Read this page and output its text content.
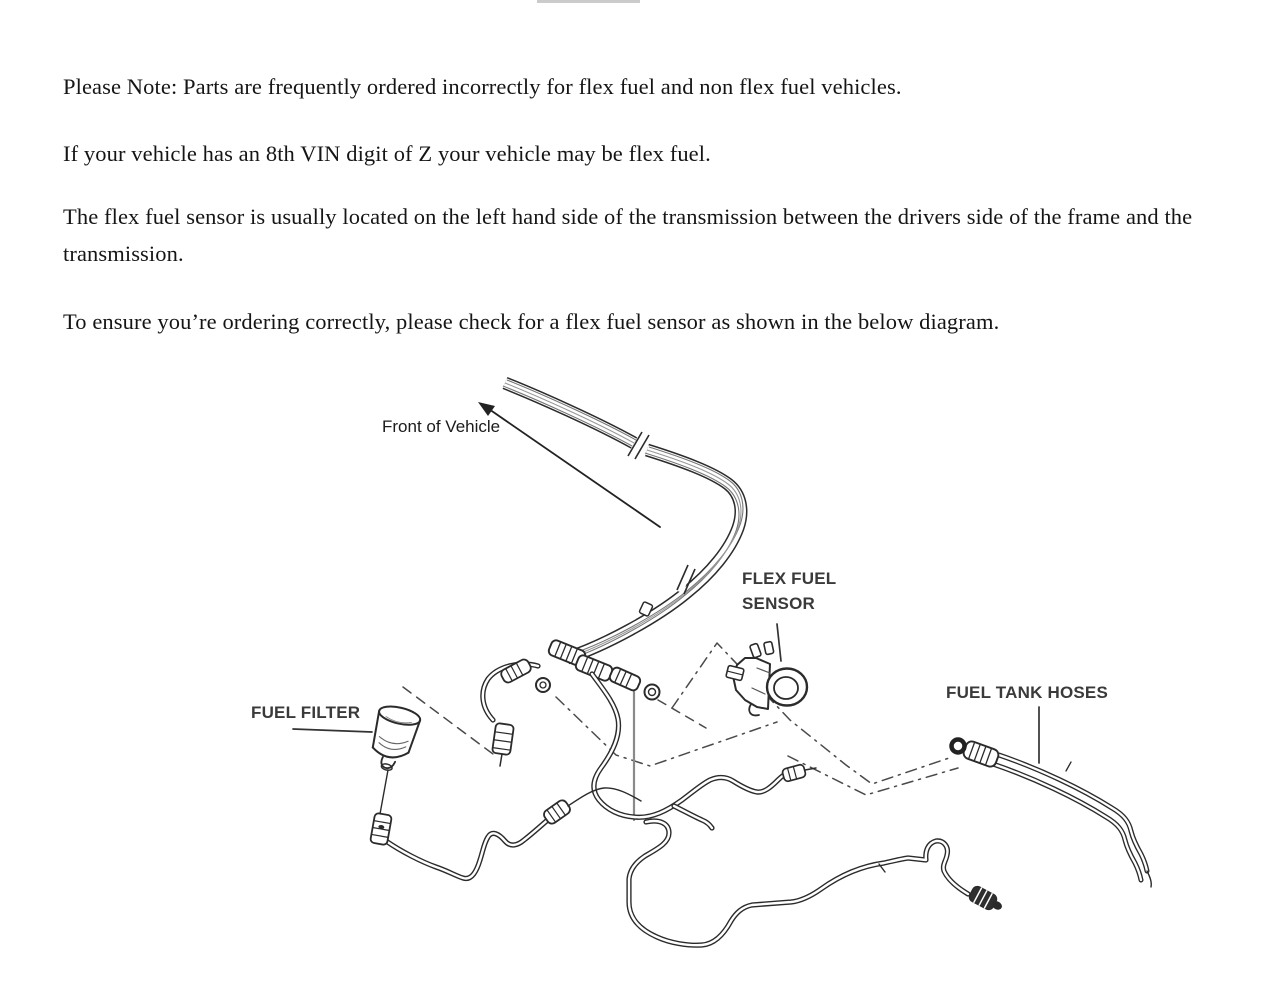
Please Note: Parts are frequently ordered incorrectly for flex fuel and non flex fuel vehicles.
If your vehicle has an 8th VIN digit of Z your vehicle may be flex fuel.
The flex fuel sensor is usually located on the left hand side of the transmission between the drivers side of the frame and the transmission.
To ensure you’re ordering correctly, please check for a flex fuel sensor as shown in the below diagram.
Front of Vehicle
FLEX FUEL
SENSOR
FUEL FILTER
FUEL TANK HOSES
